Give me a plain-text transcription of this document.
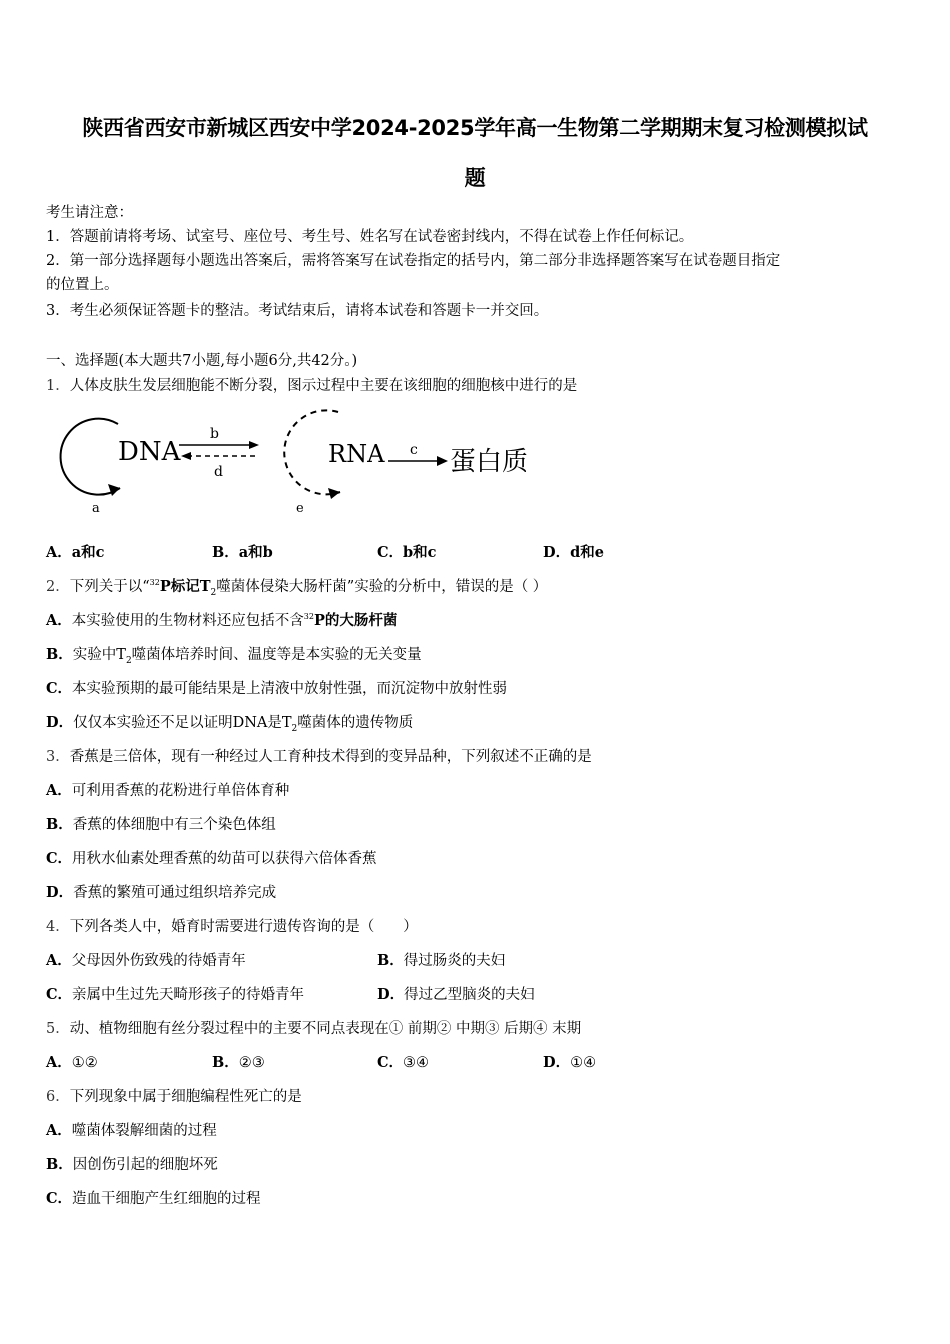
陕西省西安市新城区西安中学2024-2025学年高一生物第二学期期末复习检测模拟试
题
考生请注意：
1．答题前请将考场、试室号、座位号、考生号、姓名写在试卷密封线内，不得在试卷上作任何标记。
2．第一部分选择题每小题选出答案后，需将答案写在试卷指定的括号内，第二部分非选择题答案写在试卷题目指定
的位置上。
3．考生必须保证答题卡的整洁。考试结束后，请将本试卷和答题卡一并交回。
一、选择题(本大题共7小题,每小题6分,共42分。)
1．人体皮肤生发层细胞能不断分裂，图示过程中主要在该细胞的细胞核中进行的是
DNA
a
b
d
RNA
e
c 蛋白质
A．a和c	B．a和b	C．b和c	D．d和e
2．下列关于以“$^{32}$P标记$T_2$噬菌体侵染大肠杆菌”实验的分析中，错误的是（ ）
A．本实验使用的生物材料还应包括不含$^{32}$P的大肠杆菌
B．实验中$T_2$噬菌体培养时间、温度等是本实验的无关变量
C．本实验预期的最可能结果是上清液中放射性强，而沉淀物中放射性弱
D．仅仅本实验还不足以证明DNA是$T_2$噬菌体的遗传物质
3．香蕉是三倍体，现有一种经过人工育种技术得到的变异品种，下列叙述不正确的是
A．可利用香蕉的花粉进行单倍体育种
B．香蕉的体细胞中有三个染色体组
C．用秋水仙素处理香蕉的幼苗可以获得六倍体香蕉
D．香蕉的繁殖可通过组织培养完成
4．下列各类人中，婚育时需要进行遗传咨询的是（　　）
A．父母因外伤致残的待婚青年	B．得过肠炎的夫妇
C．亲属中生过先天畸形孩子的待婚青年	D．得过乙型脑炎的夫妇
5．动、植物细胞有丝分裂过程中的主要不同点表现在① 前期② 中期③ 后期④ 末期
A．①②	B．②③	C．③④	D．①④
6．下列现象中属于细胞编程性死亡的是
A．噬菌体裂解细菌的过程
B．因创伤引起的细胞坏死
C．造血干细胞产生红细胞的过程
